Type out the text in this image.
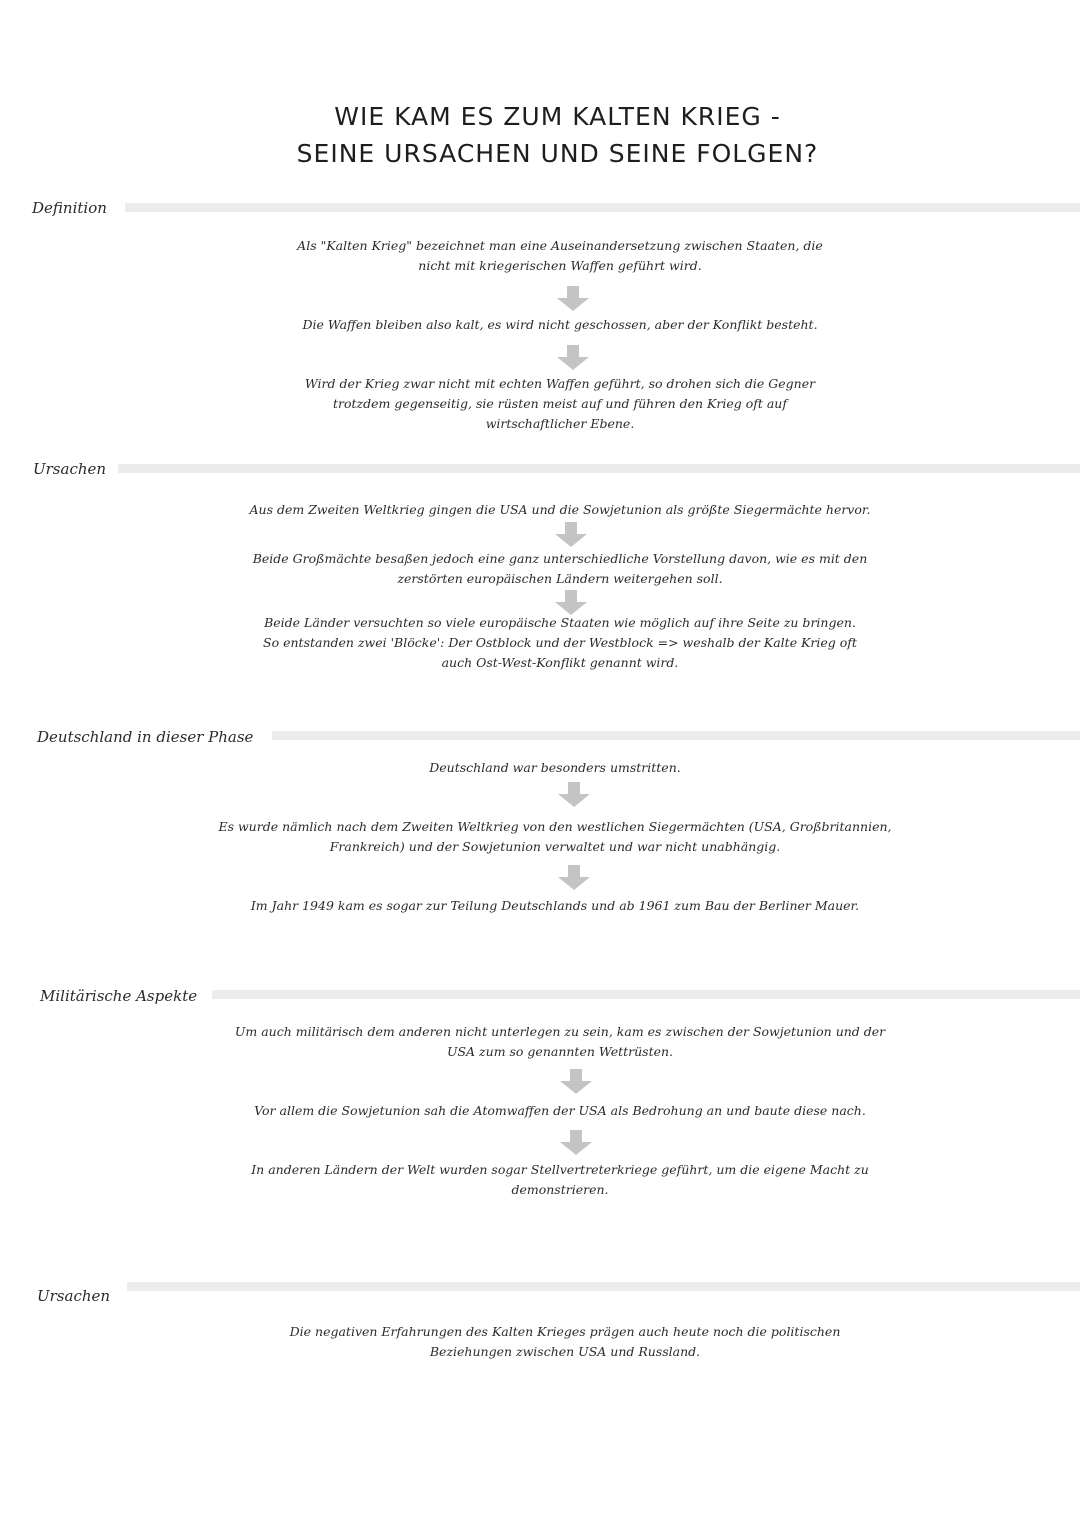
WIE KAM ES ZUM KALTEN KRIEG -
SEINE URSACHEN UND SEINE FOLGEN?
Definition
Als "Kalten Krieg" bezeichnet man eine Auseinandersetzung zwischen Staaten, die
nicht mit kriegerischen Waffen geführt wird.
Die Waffen bleiben also kalt, es wird nicht geschossen, aber der Konflikt besteht.
Wird der Krieg zwar nicht mit echten Waffen geführt, so drohen sich die Gegner
trotzdem gegenseitig, sie rüsten meist auf und führen den Krieg oft auf
wirtschaftlicher Ebene.
Ursachen
Aus dem Zweiten Weltkrieg gingen die USA und die Sowjetunion als größte Siegermächte hervor.
Beide Großmächte besaßen jedoch eine ganz unterschiedliche Vorstellung davon, wie es mit den
zerstörten europäischen Ländern weitergehen soll.
Beide Länder versuchten so viele europäische Staaten wie möglich auf ihre Seite zu bringen.
So entstanden zwei 'Blöcke': Der Ostblock und der Westblock => weshalb der Kalte Krieg oft
auch Ost-West-Konflikt genannt wird.
Deutschland in dieser Phase
Deutschland war besonders umstritten.
Es wurde nämlich nach dem Zweiten Weltkrieg von den westlichen Siegermächten (USA, Großbritannien,
Frankreich) und der Sowjetunion verwaltet und war nicht unabhängig.
Im Jahr 1949 kam es sogar zur Teilung Deutschlands und ab 1961 zum Bau der Berliner Mauer.
Militärische Aspekte
Um auch militärisch dem anderen nicht unterlegen zu sein, kam es zwischen der Sowjetunion und der
USA zum so genannten Wettrüsten.
Vor allem die Sowjetunion sah die Atomwaffen der USA als Bedrohung an und baute diese nach.
In anderen Ländern der Welt wurden sogar Stellvertreterkriege geführt, um die eigene Macht zu
demonstrieren.
Ursachen
Die negativen Erfahrungen des Kalten Krieges prägen auch heute noch die politischen
Beziehungen zwischen USA und Russland.
